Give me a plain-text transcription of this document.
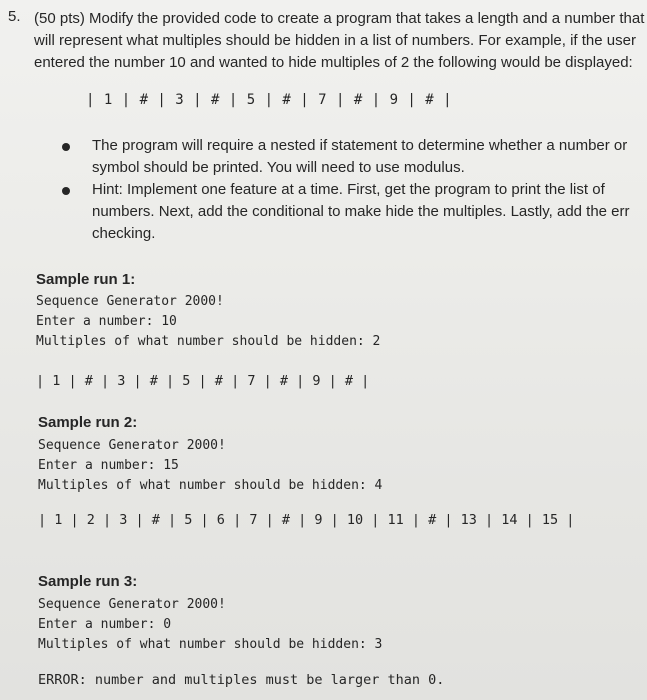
5. (50 pts) Modify the provided code to create a program that takes a length and a number that
will represent what multiples should be hidden in a list of numbers. For example, if the user
entered the number 10 and wanted to hide multiples of 2 the following would be displayed:
| 1 | # | 3 | # | 5 | # | 7 | # | 9 | # |
The program will require a nested if statement to determine whether a number or
symbol should be printed. You will need to use modulus.
Hint: Implement one feature at a time. First, get the program to print the list of
numbers. Next, add the conditional to make hide the multiples. Lastly, add the err
checking.
Sample run 1:
Sequence Generator 2000!
Enter a number: 10
Multiples of what number should be hidden: 2
| 1 | # | 3 | # | 5 | # | 7 | # | 9 | # |
Sample run 2:
Sequence Generator 2000!
Enter a number: 15
Multiples of what number should be hidden: 4
| 1 | 2 | 3 | # | 5 | 6 | 7 | # | 9 | 10 | 11 | # | 13 | 14 | 15 |
Sample run 3:
Sequence Generator 2000!
Enter a number: 0
Multiples of what number should be hidden: 3
ERROR: number and multiples must be larger than 0.
